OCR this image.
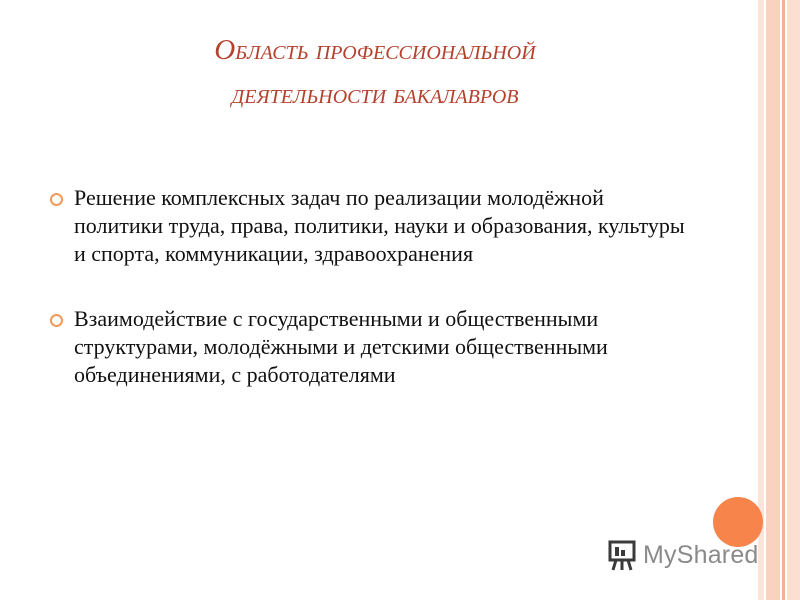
Область профессиональной
деятельности бакалавров
Решение комплексных задач по реализации молодёжной политики труда, права, политики, науки и образования, культуры и спорта, коммуникации, здравоохранения
Взаимодействие с государственными и общественными структурами, молодёжными и детскими общественными объединениями, с работодателями
MyShared
